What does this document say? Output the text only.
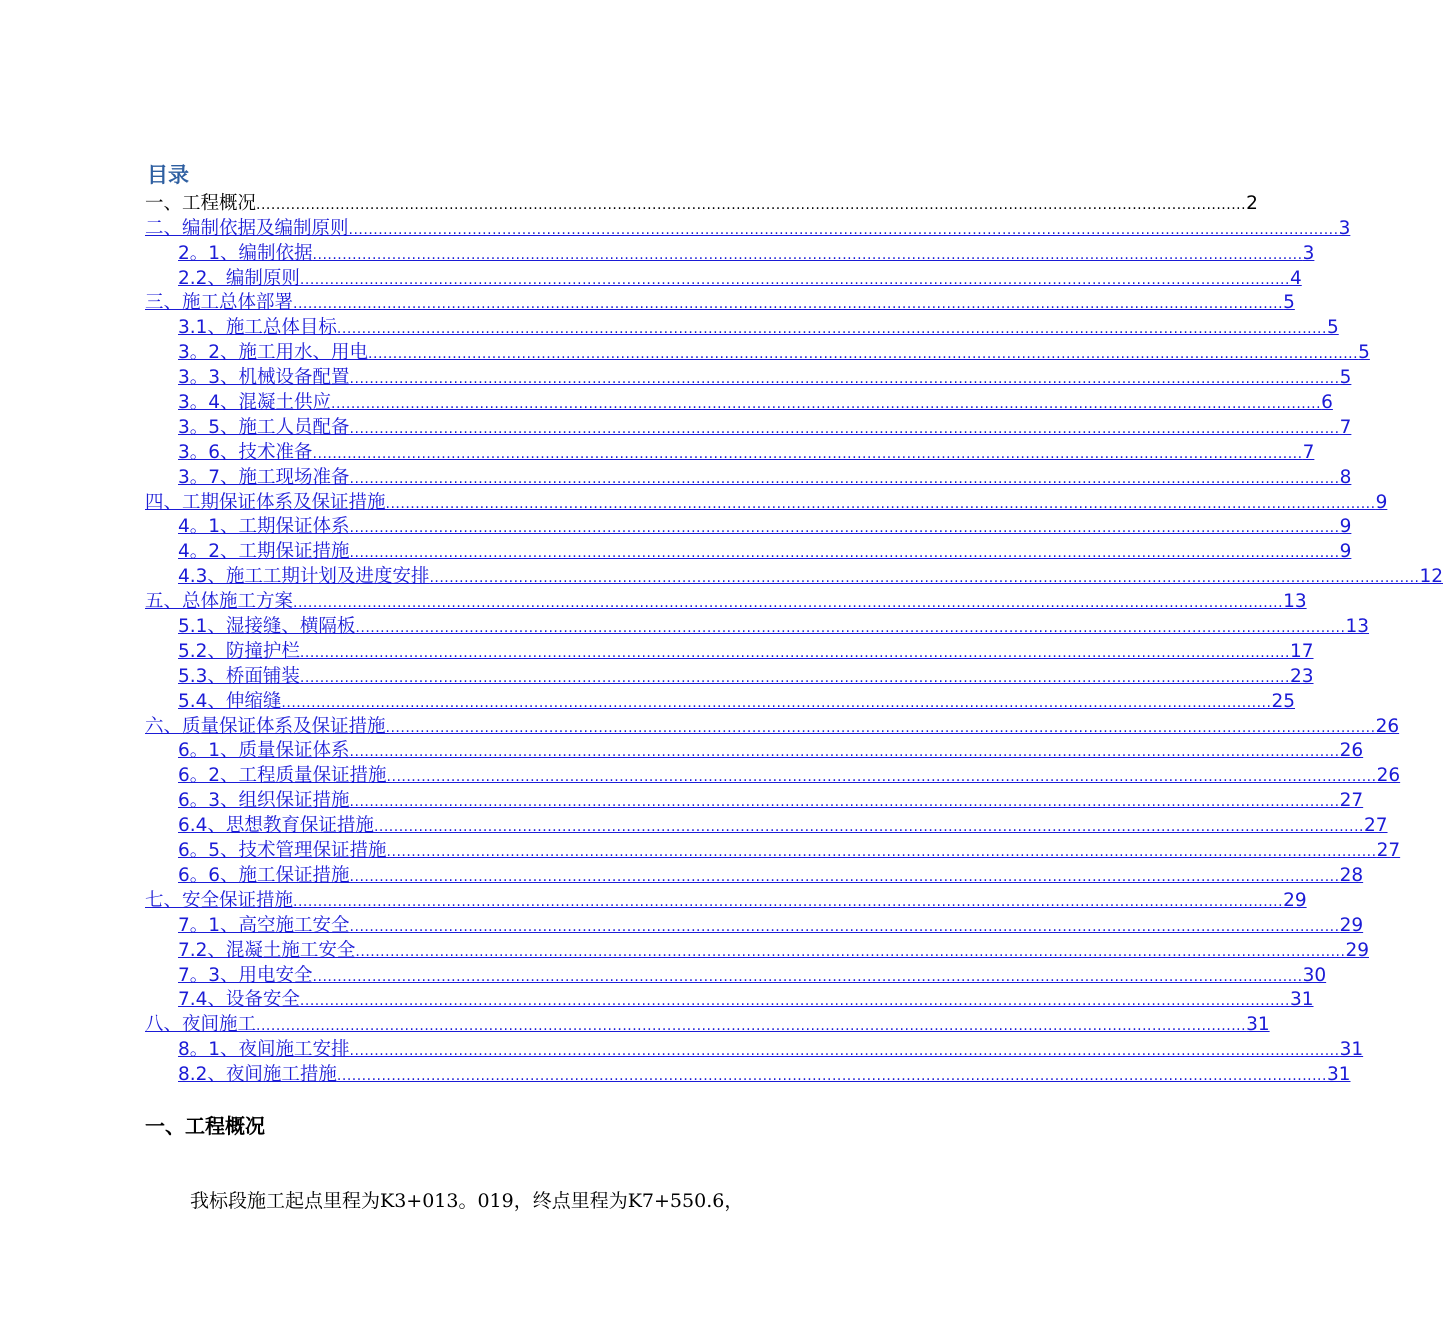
目录
一、工程概况 ........................................................................................................................................................................................................ 2
二、编制依据及编制原则 ........................................................................................................................................................................................................ 3
2。1、编制依据 ........................................................................................................................................................................................................ 3
2.2、编制原则 ........................................................................................................................................................................................................ 4
三、施工总体部署 ........................................................................................................................................................................................................ 5
3.1、施工总体目标 ........................................................................................................................................................................................................ 5
3。2、施工用水、用电 ........................................................................................................................................................................................................ 5
3。3、机械设备配置 ........................................................................................................................................................................................................ 5
3。4、混凝土供应 ........................................................................................................................................................................................................ 6
3。5、施工人员配备 ........................................................................................................................................................................................................ 7
3。6、技术准备 ........................................................................................................................................................................................................ 7
3。7、施工现场准备 ........................................................................................................................................................................................................ 8
四、工期保证体系及保证措施 ........................................................................................................................................................................................................ 9
4。1、工期保证体系 ........................................................................................................................................................................................................ 9
4。2、工期保证措施 ........................................................................................................................................................................................................ 9
4.3、施工工期计划及进度安排 ........................................................................................................................................................................................................ 12
五、总体施工方案 ........................................................................................................................................................................................................ 13
5.1、湿接缝、横隔板 ........................................................................................................................................................................................................ 13
5.2、防撞护栏 ........................................................................................................................................................................................................ 17
5.3、桥面铺装 ........................................................................................................................................................................................................ 23
5.4、伸缩缝 ........................................................................................................................................................................................................ 25
六、质量保证体系及保证措施 ........................................................................................................................................................................................................ 26
6。1、质量保证体系 ........................................................................................................................................................................................................ 26
6。2、工程质量保证措施 ........................................................................................................................................................................................................ 26
6。3、组织保证措施 ........................................................................................................................................................................................................ 27
6.4、思想教育保证措施 ........................................................................................................................................................................................................ 27
6。5、技术管理保证措施 ........................................................................................................................................................................................................ 27
6。6、施工保证措施 ........................................................................................................................................................................................................ 28
七、安全保证措施 ........................................................................................................................................................................................................ 29
7。1、高空施工安全 ........................................................................................................................................................................................................ 29
7.2、混凝土施工安全 ........................................................................................................................................................................................................ 29
7。3、用电安全 ........................................................................................................................................................................................................ 30
7.4、设备安全 ........................................................................................................................................................................................................ 31
八、夜间施工 ........................................................................................................................................................................................................ 31
8。1、夜间施工安排 ........................................................................................................................................................................................................ 31
8.2、夜间施工措施 ........................................................................................................................................................................................................ 31
一、工程概况
我标段施工起点里程为K3+013。019，终点里程为K7+550.6，
